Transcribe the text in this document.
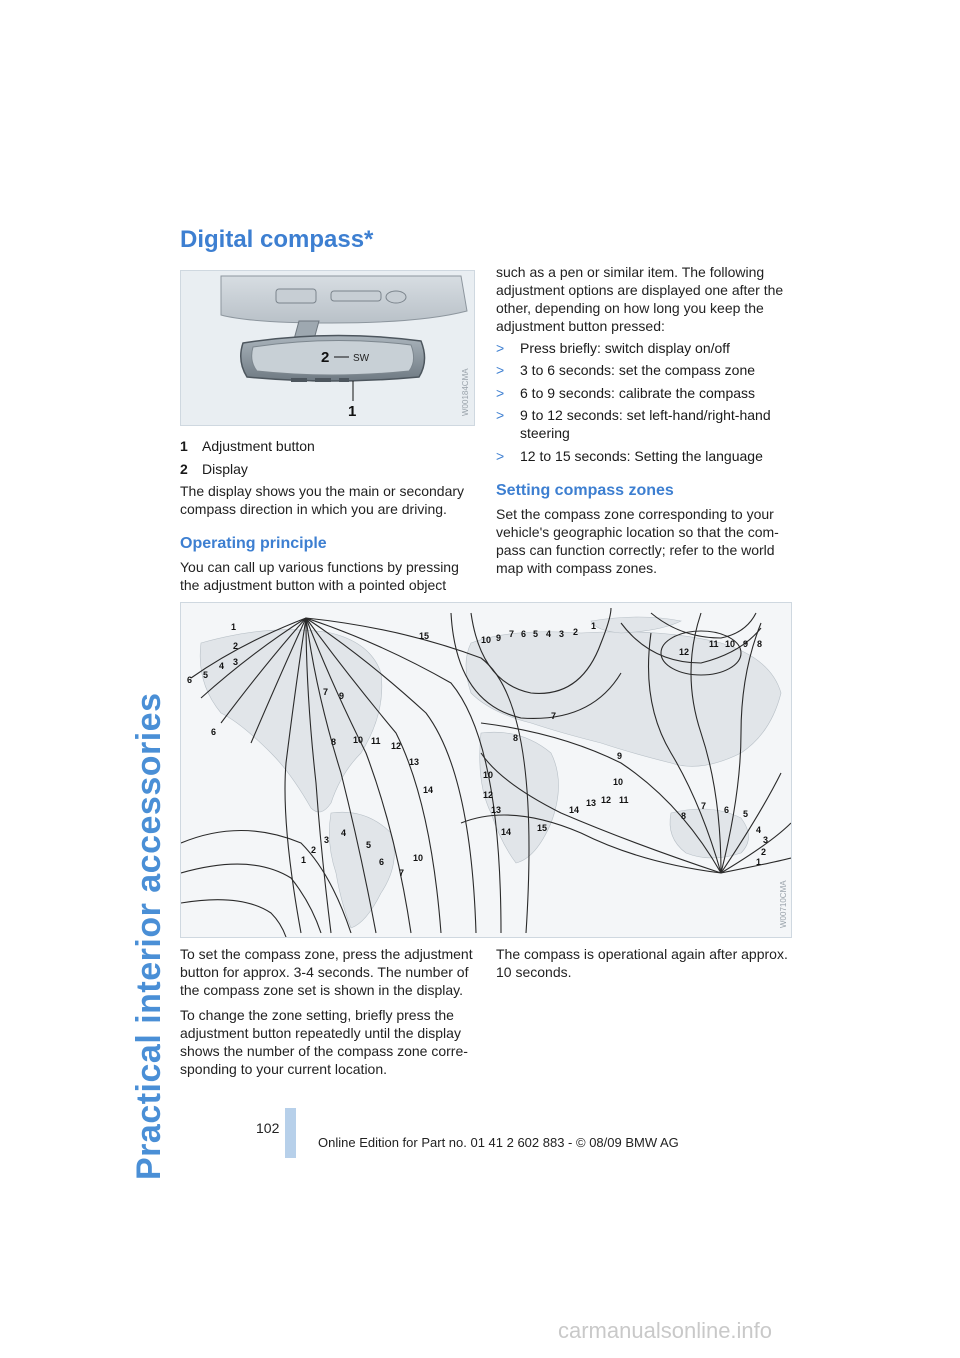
Practical interior accessories
Digital compass*
2 SW
1	W00184CMA
1 Adjustment button
2 Display

The display shows you the main or secondary compass direction in which you are driving.

Operating principle

You can call up various functions by pressing the adjustment button with a pointed object

such as a pen or similar item. The following adjustment options are displayed one after the other, depending on how long you keep the adjustment button pressed:

>	Press briefly: switch display on/off
>	3 to 6 seconds: set the compass zone
>	6 to 9 seconds: calibrate the compass
>	9 to 12 seconds: set left-hand/right-hand steering
>	12 to 15 seconds: Setting the language
Setting compass zones

Set the compass zone corresponding to your vehicle's geographic location so that the com-pass can function correctly; refer to the world map with compass zones.

1
2
3
4
5
6
6
7
8
9
10 11 12
13
14
15
1
2
3
4
5
6
7
10
14	15
10
12
13
8
7
9
10
12 11
13
14
8
7 6 5
4
3
2
1
12
11 10 9 8
10 9 7 6 5 4 3 2
1
W00710CMA

To set the compass zone, press the adjustment button for approx. 3-4 seconds. The number of the compass zone set is shown in the display.

To change the zone setting, briefly press the adjustment button repeatedly until the display shows the number of the compass zone corre-sponding to your current location.

The compass is operational again after approx. 10 seconds.

102
Online Edition for Part no. 01 41 2 602 883 - © 08/09 BMW AG
carmanualsonline.info
